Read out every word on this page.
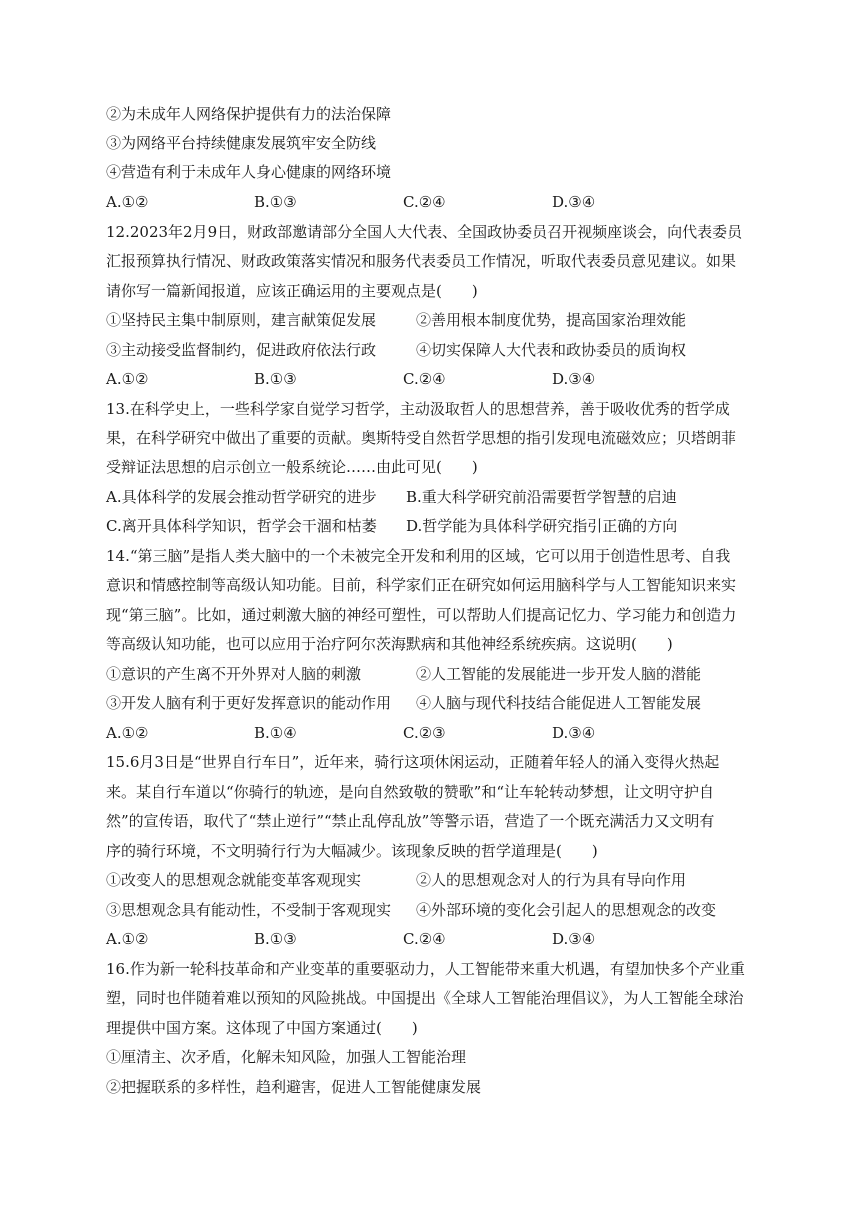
②为未成年人网络保护提供有力的法治保障
③为网络平台持续健康发展筑牢安全防线
④营造有利于未成年人身心健康的网络环境
A.①②	B.①③	C.②④	D.③④
12.2023年2月9日，财政部邀请部分全国人大代表、全国政协委员召开视频座谈会，向代表委员
汇报预算执行情况、财政政策落实情况和服务代表委员工作情况，听取代表委员意见建议。如果
请你写一篇新闻报道，应该正确运用的主要观点是(　　)
①坚持民主集中制原则，建言献策促发展	②善用根本制度优势，提高国家治理效能
③主动接受监督制约，促进政府依法行政	④切实保障人大代表和政协委员的质询权
A.①②	B.①③	C.②④	D.③④
13.在科学史上，一些科学家自觉学习哲学，主动汲取哲人的思想营养，善于吸收优秀的哲学成
果，在科学研究中做出了重要的贡献。奥斯特受自然哲学思想的指引发现电流磁效应；贝塔朗菲
受辩证法思想的启示创立一般系统论……由此可见(　　)
A.具体科学的发展会推动哲学研究的进步 B.重大科学研究前沿需要哲学智慧的启迪
C.离开具体科学知识，哲学会干涸和枯萎 D.哲学能为具体科学研究指引正确的方向
14.“第三脑”是指人类大脑中的一个未被完全开发和利用的区域，它可以用于创造性思考、自我
意识和情感控制等高级认知功能。目前，科学家们正在研究如何运用脑科学与人工智能知识来实
现“第三脑”。比如，通过刺激大脑的神经可塑性，可以帮助人们提高记忆力、学习能力和创造力
等高级认知功能，也可以应用于治疗阿尔茨海默病和其他神经系统疾病。这说明(　　)
①意识的产生离不开外界对人脑的刺激	②人工智能的发展能进一步开发人脑的潜能
③开发人脑有利于更好发挥意识的能动作用 ④人脑与现代科技结合能促进人工智能发展
A.①②	B.①④	C.②③	D.③④
15.6月3日是“世界自行车日”，近年来，骑行这项休闲运动，正随着年轻人的涌入变得火热起
来。某自行车道以“你骑行的轨迹，是向自然致敬的赞歌”和“让车轮转动梦想，让文明守护自
然”的宣传语，取代了“禁止逆行”“禁止乱停乱放”等警示语，营造了一个既充满活力又文明有
序的骑行环境，不文明骑行行为大幅减少。该现象反映的哲学道理是(　　)
①改变人的思想观念就能变革客观现实	②人的思想观念对人的行为具有导向作用
③思想观念具有能动性，不受制于客观现实 ④外部环境的变化会引起人的思想观念的改变
A.①②	B.①③	C.②④	D.③④
16.作为新一轮科技革命和产业变革的重要驱动力，人工智能带来重大机遇，有望加快多个产业重
塑，同时也伴随着难以预知的风险挑战。中国提出《全球人工智能治理倡议》，为人工智能全球治
理提供中国方案。这体现了中国方案通过(　　)
①厘清主、次矛盾，化解未知风险，加强人工智能治理
②把握联系的多样性，趋利避害，促进人工智能健康发展
